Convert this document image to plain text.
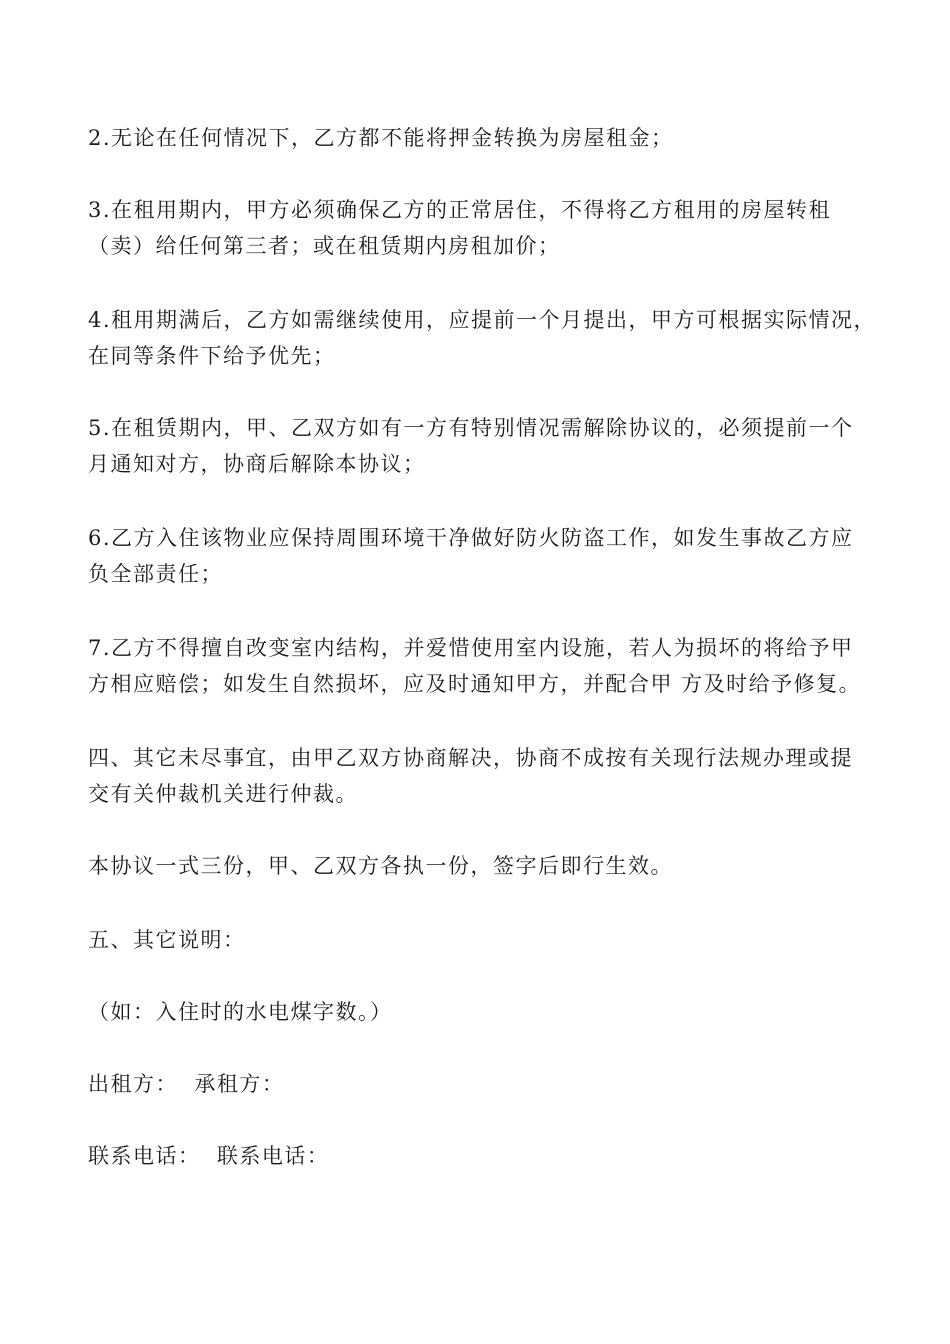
2.无论在任何情况下，乙方都不能将押金转换为房屋租金；

3.在租用期内，甲方必须确保乙方的正常居住，不得将乙方租用的房屋转租
（卖）给任何第三者；或在租赁期内房租加价；

4.租用期满后，乙方如需继续使用，应提前一个月提出，甲方可根据实际情况，
在同等条件下给予优先；

5.在租赁期内，甲、乙双方如有一方有特别情况需解除协议的，必须提前一个
月通知对方，协商后解除本协议；

6.乙方入住该物业应保持周围环境干净做好防火防盗工作，如发生事故乙方应
负全部责任；

7.乙方不得擅自改变室内结构，并爱惜使用室内设施，若人为损坏的将给予甲
方相应赔偿；如发生自然损坏，应及时通知甲方，并配合甲 方及时给予修复。

四、其它未尽事宜，由甲乙双方协商解决，协商不成按有关现行法规办理或提
交有关仲裁机关进行仲裁。

本协议一式三份，甲、乙双方各执一份，签字后即行生效。

五、其它说明：

（如：入住时的水电煤字数。）

出租方：  承租方：

联系电话：  联系电话：
